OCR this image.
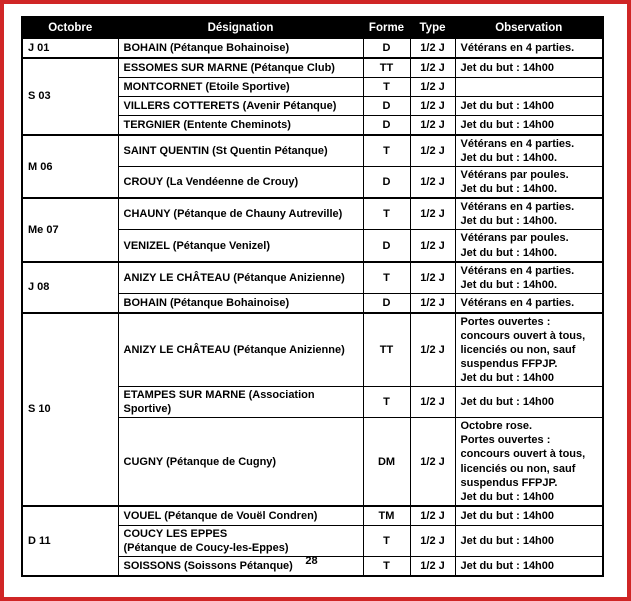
Octobre	Désignation	Forme	Type	Observation
J 01	BOHAIN (Pétanque Bohainoise)	D	1/2 J	Vétérans en 4 parties.

S 03	ESSOMES SUR MARNE (Pétanque Club)	TT	1/2 J	Jet du but : 14h00

	MONTCORNET (Etoile Sportive)	T	1/2 J	

	VILLERS COTTERETS (Avenir Pétanque)	D	1/2 J	Jet du but : 14h00

	TERGNIER (Entente Cheminots)	D	1/2 J	Jet du but : 14h00

M 06	SAINT QUENTIN (St Quentin Pétanque)	T	1/2 J	Vétérans en 4 parties.
Jet du but : 14h00.

	CROUY (La Vendéenne de Crouy)	D	1/2 J	Vétérans par poules.
Jet du but : 14h00.

Me 07	CHAUNY (Pétanque de Chauny Autreville)	T	1/2 J	Vétérans en 4 parties.
Jet du but : 14h00.

	VENIZEL (Pétanque Venizel)	D	1/2 J	Vétérans par poules.
Jet du but : 14h00.

J 08	ANIZY LE CHÂTEAU (Pétanque Anizienne)	T	1/2 J	Vétérans en 4 parties.
Jet du but : 14h00.

	BOHAIN (Pétanque Bohainoise)	D	1/2 J	Vétérans en 4 parties.

S 10	ANIZY LE CHÂTEAU (Pétanque Anizienne)	TT	1/2 J	Portes ouvertes : concours ouvert à tous, licenciés ou non, sauf suspendus FFPJP.
Jet du but : 14h00

	ETAMPES SUR MARNE (Association Sportive)	T	1/2 J	Jet du but : 14h00

	CUGNY (Pétanque de Cugny)	DM	1/2 J	Octobre rose.
Portes ouvertes : concours ouvert à tous, licenciés ou non, sauf suspendus FFPJP.
Jet du but : 14h00

D 11	VOUEL (Pétanque de Vouël Condren)	TM	1/2 J	Jet du but : 14h00

	COUCY LES EPPES
(Pétanque de Coucy-les-Eppes)	T	1/2 J	Jet du but : 14h00

	SOISSONS (Soissons Pétanque)	T	1/2 J	Jet du but : 14h00
28
